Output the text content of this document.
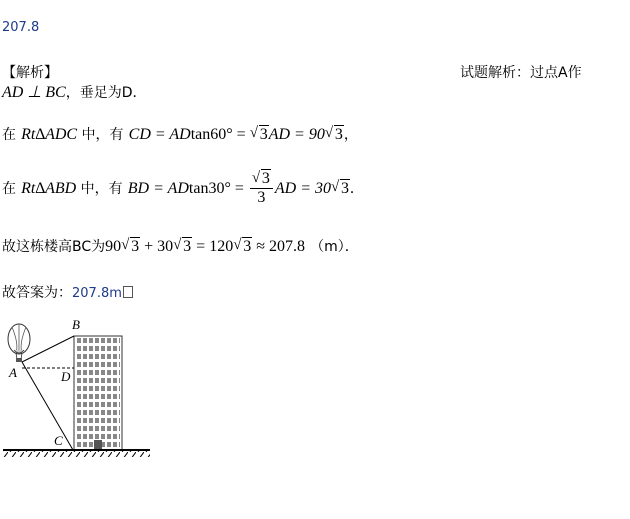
207.8
【解析】	试题解析：过点A作
AD ⊥ BC，垂足为D．
在 Rt∆ADC 中，有 CD = ADtan60° = √ 3AD = 90 √ 3，
在 Rt∆ABD 中，有 BD = $ADtan30^\circ = \frac{√ 3}{3}$ AD = 30 √ 3.
故这栋楼高BC为90 √ 3 + 30 √ 3 = 120 √ 3 ≈ 207.8 （m）．
故答案为：207.8m
B
A	D
C
